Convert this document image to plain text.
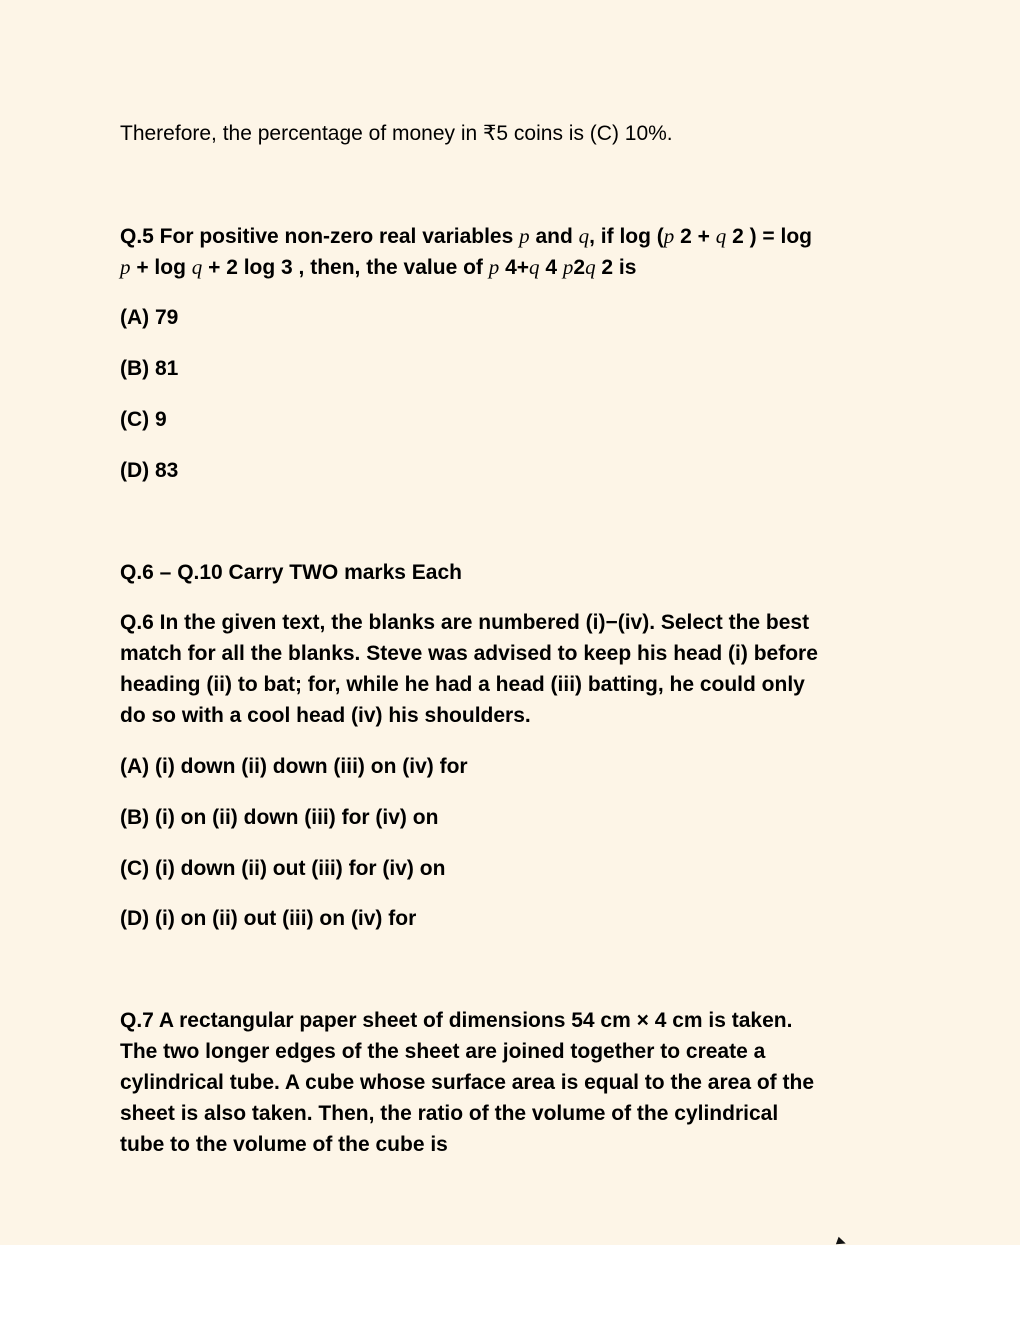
Therefore, the percentage of money in ₹5 coins is (C) 10%.
Q.5 For positive non-zero real variables p and q, if log (p 2 + q 2 ) = log
p + log q + 2 log 3 , then, the value of p 4+q 4 p2q 2 is
(A) 79
(B) 81
(C) 9
(D) 83
Q.6 – Q.10 Carry TWO marks Each
Q.6 In the given text, the blanks are numbered (i)−(iv). Select the best
match for all the blanks. Steve was advised to keep his head (i) before
heading (ii) to bat; for, while he had a head (iii) batting, he could only
do so with a cool head (iv) his shoulders.
(A) (i) down (ii) down (iii) on (iv) for
(B) (i) on (ii) down (iii) for (iv) on
(C) (i) down (ii) out (iii) for (iv) on
(D) (i) on (ii) out (iii) on (iv) for
Q.7 A rectangular paper sheet of dimensions 54 cm × 4 cm is taken.
The two longer edges of the sheet are joined together to create a
cylindrical tube. A cube whose surface area is equal to the area of the
sheet is also taken. Then, the ratio of the volume of the cylindrical
tube to the volume of the cube is
